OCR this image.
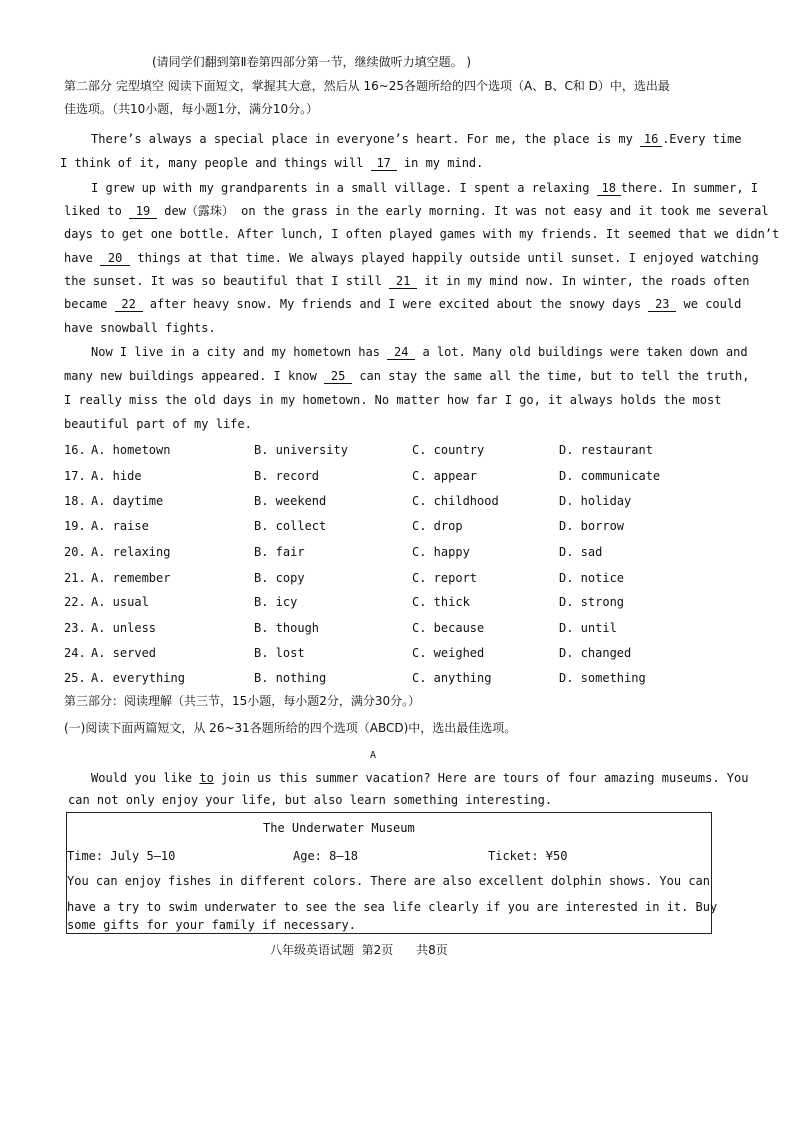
(请同学们翻到第Ⅱ卷第四部分第一节，继续做听力填空题。 )
第二部分 完型填空 阅读下面短文，掌握其大意，然后从 16~25各题所给的四个选项（A、B、C和 D）中，选出最
佳选项。（共10小题，每小题1分，满分10分。）
There’s always a special place in everyone’s heart. For me, the place is my 16 .Every time
I think of it, many people and things will 17 in my mind.
I grew up with my grandparents in a small village. I spent a relaxing 18 there. In summer, I
liked to 19 dew（露珠） on the grass in the early morning. It was not easy and it took me several
days to get one bottle. After lunch, I often played games with my friends. It seemed that we didn’t
have 20 things at that time. We always played happily outside until sunset. I enjoyed watching
the sunset. It was so beautiful that I still 21 it in my mind now. In winter, the roads often
became 22 after heavy snow. My friends and I were excited about the snowy days 23 we could
have snowball fights.
Now I live in a city and my hometown has 24 a lot. Many old buildings were taken down and
many new buildings appeared. I know 25 can stay the same all the time, but to tell the truth,
I really miss the old days in my hometown. No matter how far I go, it always holds the most
beautiful part of my life.
16. A. hometown	B. university	C. country	D. restaurant
17. A. hide	B. record	C. appear	D. communicate
18. A. daytime	B. weekend	C. childhood	D. holiday
19. A. raise	B. collect	C. drop	D. borrow
20. A. relaxing	B. fair	C. happy	D. sad
21. A. remember	B. copy	C. report	D. notice
22. A. usual	B. icy	C. thick	D. strong
23. A. unless	B. though	C. because	D. until
24. A. served	B. lost	C. weighed	D. changed
25. A. everything	B. nothing	C. anything	D. something
第三部分：阅读理解（共三节，15小题，每小题2分，满分30分。）
(一)阅读下面两篇短文，从 26~31各题所给的四个选项（ABCD)中，选出最佳选项。
A
Would you like to join us this summer vacation? Here are tours of four amazing museums. You
can not only enjoy your life, but also learn something interesting.
The Underwater Museum
Time: July 5—10	Age: 8—18	Ticket: ¥50
You can enjoy fishes in different colors. There are also excellent dolphin shows. You can
have a try to swim underwater to see the sea life clearly if you are interested in it. Buy
some gifts for your family if necessary.
八年级英语试题  第2页      共8页
